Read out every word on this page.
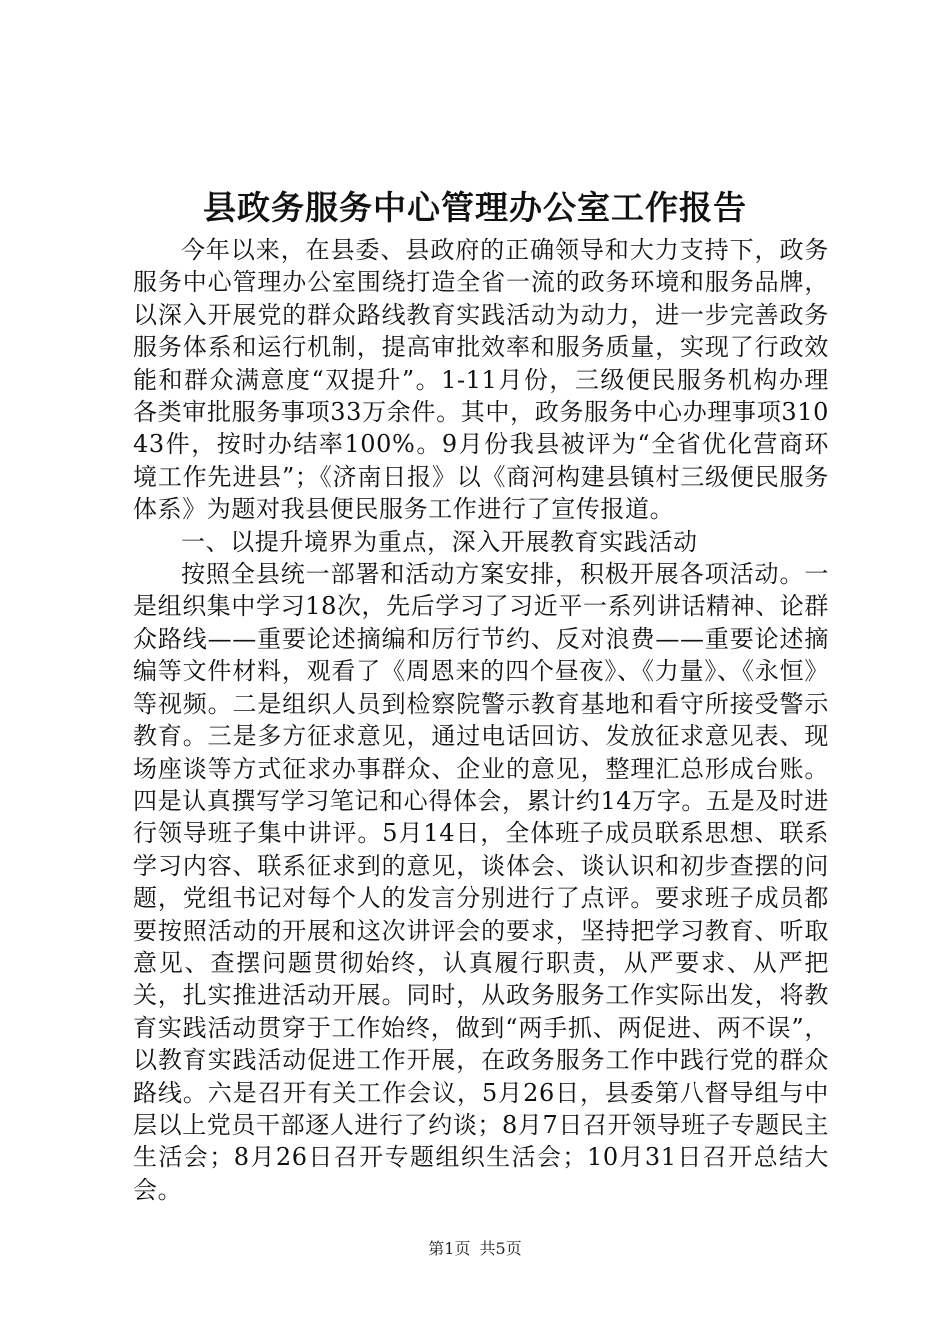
县政务服务中心管理办公室工作报告

今年以来，在县委、县政府的正确领导和大力支持下，政务服务中心管理办公室围绕打造全省一流的政务环境和服务品牌，以深入开展党的群众路线教育实践活动为动力，进一步完善政务服务体系和运行机制，提高审批效率和服务质量，实现了行政效能和群众满意度“双提升”。1-11月份，三级便民服务机构办理各类审批服务事项33万余件。其中，政务服务中心办理事项31043件，按时办结率100%。9月份我县被评为“全省优化营商环境工作先进县”；《济南日报》以《商河构建县镇村三级便民服务体系》为题对我县便民服务工作进行了宣传报道。

一、以提升境界为重点，深入开展教育实践活动

按照全县统一部署和活动方案安排，积极开展各项活动。一是组织集中学习18次，先后学习了习近平一系列讲话精神、论群众路线——重要论述摘编和厉行节约、反对浪费——重要论述摘编等文件材料，观看了《周恩来的四个昼夜》、《力量》、《永恒》等视频。二是组织人员到检察院警示教育基地和看守所接受警示教育。三是多方征求意见，通过电话回访、发放征求意见表、现场座谈等方式征求办事群众、企业的意见，整理汇总形成台账。四是认真撰写学习笔记和心得体会，累计约14万字。五是及时进行领导班子集中讲评。5月14日，全体班子成员联系思想、联系学习内容、联系征求到的意见，谈体会、谈认识和初步查摆的问题，党组书记对每个人的发言分别进行了点评。要求班子成员都要按照活动的开展和这次讲评会的要求，坚持把学习教育、听取意见、查摆问题贯彻始终，认真履行职责，从严要求、从严把关，扎实推进活动开展。同时，从政务服务工作实际出发，将教育实践活动贯穿于工作始终，做到“两手抓、两促进、两不误”，以教育实践活动促进工作开展，在政务服务工作中践行党的群众路线。六是召开有关工作会议，5月26日，县委第八督导组与中层以上党员干部逐人进行了约谈；8月7日召开领导班子专题民主生活会；8月26日召开专题组织生活会；10月31日召开总结大会。

第1页 共5页
